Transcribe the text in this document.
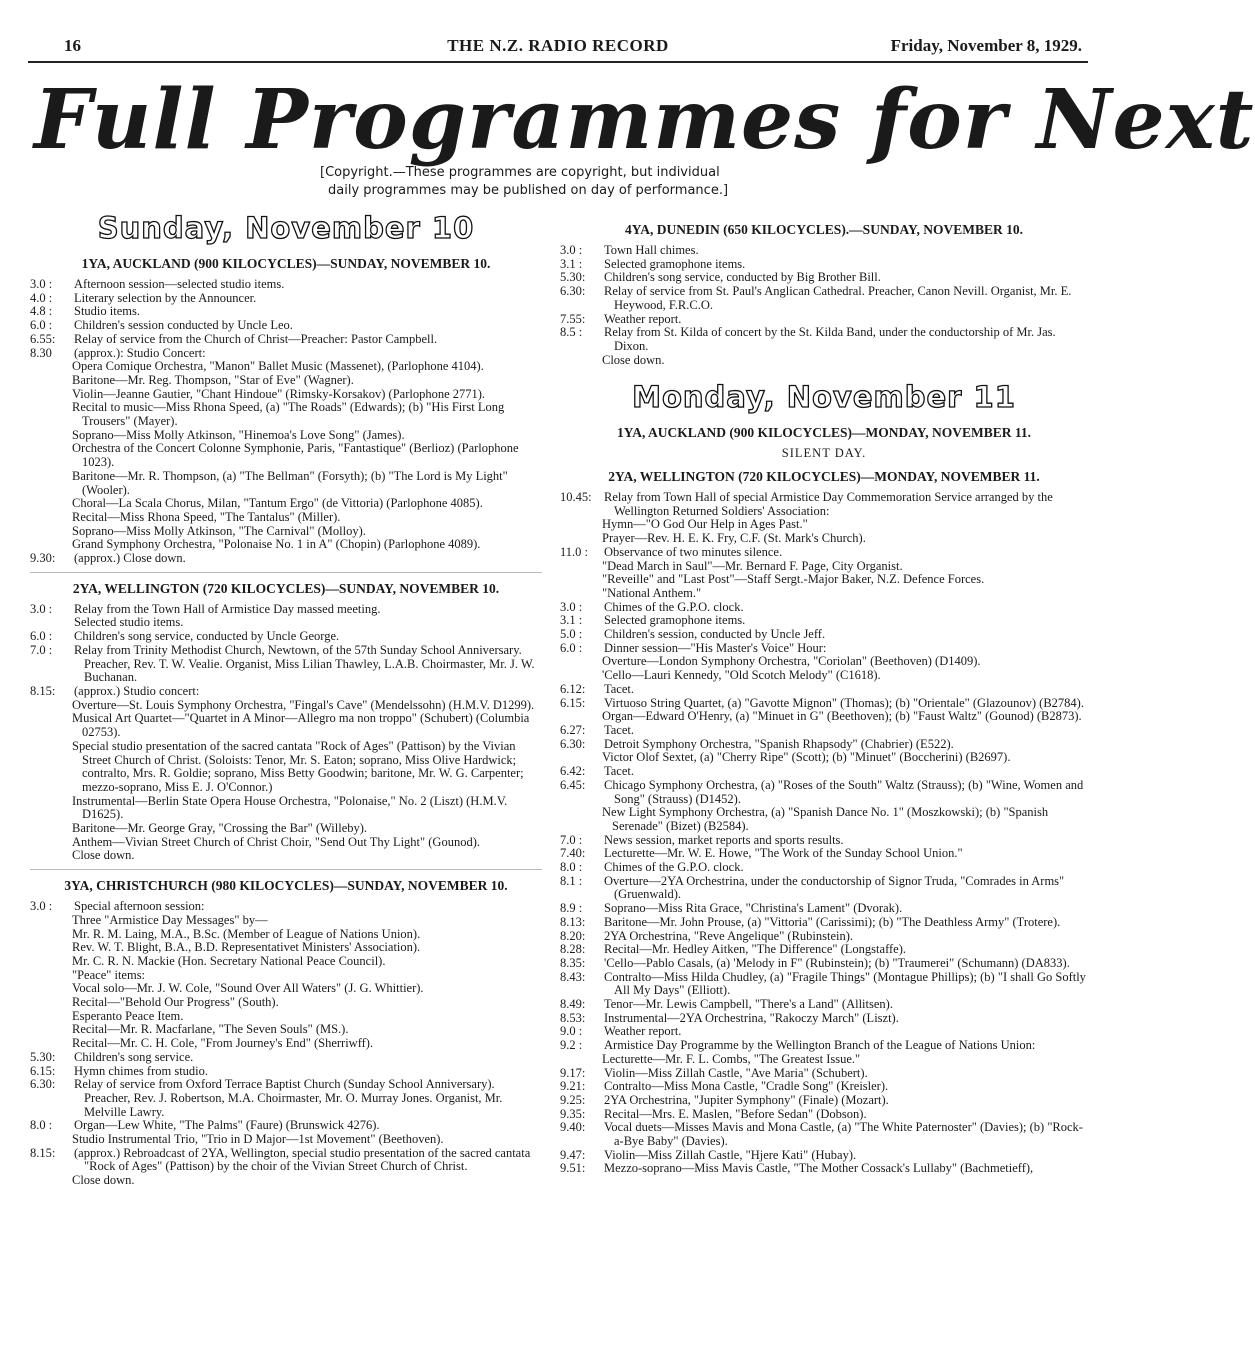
16	THE N.Z. RADIO RECORD	Friday, November 8, 1929.
Full Programmes for Next
[Copyright.—These programmes are copyright, but individual
daily programmes may be published on day of performance.]
Sunday, November 10
1YA, AUCKLAND (900 KILOCYCLES)—SUNDAY, NOVEMBER 10.
3.0 :	Afternoon session—selected studio items.
4.0 :	Literary selection by the Announcer.
4.8 :	Studio items.
6.0 :	Children's session conducted by Uncle Leo.
6.55:	Relay of service from the Church of Christ—Preacher: Pastor Campbell.
8.30	(approx.): Studio Concert:
Opera Comique Orchestra, "Manon" Ballet Music (Massenet), (Parlophone 4104).
Baritone—Mr. Reg. Thompson, "Star of Eve" (Wagner).
Violin—Jeanne Gautier, "Chant Hindoue" (Rimsky-Korsakov) (Parlophone 2771).
Recital to music—Miss Rhona Speed, (a) "The Roads" (Edwards); (b) "His First Long Trousers" (Mayer).
Soprano—Miss Molly Atkinson, "Hinemoa's Love Song" (James).
Orchestra of the Concert Colonne Symphonie, Paris, "Fantastique" (Berlioz) (Parlophone 1023).
Baritone—Mr. R. Thompson, (a) "The Bellman" (Forsyth); (b) "The Lord is My Light" (Wooler).
Choral—La Scala Chorus, Milan, "Tantum Ergo" (de Vittoria) (Parlophone 4085).
Recital—Miss Rhona Speed, "The Tantalus" (Miller).
Soprano—Miss Molly Atkinson, "The Carnival" (Molloy).
Grand Symphony Orchestra, "Polonaise No. 1 in A" (Chopin) (Parlophone 4089).
9.30:	(approx.) Close down.
2YA, WELLINGTON (720 KILOCYCLES)—SUNDAY, NOVEMBER 10.
3.0 :	Relay from the Town Hall of Armistice Day massed meeting.
Selected studio items.
6.0 :	Children's song service, conducted by Uncle George.
7.0 :	Relay from Trinity Methodist Church, Newtown, of the 57th Sunday School Anniversary. Preacher, Rev. T. W. Vealie. Organist, Miss Lilian Thawley, L.A.B. Choirmaster, Mr. J. W. Buchanan.
8.15:	(approx.) Studio concert:
Overture—St. Louis Symphony Orchestra, "Fingal's Cave" (Mendelssohn) (H.M.V. D1299).
Musical Art Quartet—"Quartet in A Minor—Allegro ma non troppo" (Schubert) (Columbia 02753).
Special studio presentation of the sacred cantata "Rock of Ages" (Pattison) by the Vivian Street Church of Christ. (Soloists: Tenor, Mr. S. Eaton; soprano, Miss Olive Hardwick; contralto, Mrs. R. Goldie; soprano, Miss Betty Goodwin; baritone, Mr. W. G. Carpenter; mezzo-soprano, Miss E. J. O'Connor.)
Instrumental—Berlin State Opera House Orchestra, "Polonaise," No. 2 (Liszt) (H.M.V. D1625).
Baritone—Mr. George Gray, "Crossing the Bar" (Willeby).
Anthem—Vivian Street Church of Christ Choir, "Send Out Thy Light" (Gounod).
Close down.
3YA, CHRISTCHURCH (980 KILOCYCLES)—SUNDAY, NOVEMBER 10.
3.0 :	Special afternoon session:
Three "Armistice Day Messages" by—
Mr. R. M. Laing, M.A., B.Sc. (Member of League of Nations Union).
Rev. W. T. Blight, B.A., B.D. Representativet Ministers' Association).
Mr. C. R. N. Mackie (Hon. Secretary National Peace Council).
"Peace" items:
Vocal solo—Mr. J. W. Cole, "Sound Over All Waters" (J. G. Whittier).
Recital—"Behold Our Progress" (South).
Esperanto Peace Item.
Recital—Mr. R. Macfarlane, "The Seven Souls" (MS.).
Recital—Mr. C. H. Cole, "From Journey's End" (Sherriwff).
5.30:	Children's song service.
6.15:	Hymn chimes from studio.
6.30:	Relay of service from Oxford Terrace Baptist Church (Sunday School Anniversary). Preacher, Rev. J. Robertson, M.A. Choirmaster, Mr. O. Murray Jones. Organist, Mr. Melville Lawry.
8.0 :	Organ—Lew White, "The Palms" (Faure) (Brunswick 4276).
Studio Instrumental Trio, "Trio in D Major—1st Movement" (Beethoven).
8.15:	(approx.) Rebroadcast of 2YA, Wellington, special studio presentation of the sacred cantata "Rock of Ages" (Pattison) by the choir of the Vivian Street Church of Christ.
Close down.
4YA, DUNEDIN (650 KILOCYCLES).—SUNDAY, NOVEMBER 10.
3.0 :	Town Hall chimes.
3.1 :	Selected gramophone items.
5.30:	Children's song service, conducted by Big Brother Bill.
6.30:	Relay of service from St. Paul's Anglican Cathedral. Preacher, Canon Nevill. Organist, Mr. E. Heywood, F.R.C.O.
7.55:	Weather report.
8.5 :	Relay from St. Kilda of concert by the St. Kilda Band, under the conductorship of Mr. Jas. Dixon.
Close down.
Monday, November 11
1YA, AUCKLAND (900 KILOCYCLES)—MONDAY, NOVEMBER 11.
SILENT DAY.
2YA, WELLINGTON (720 KILOCYCLES)—MONDAY, NOVEMBER 11.
10.45: Relay from Town Hall of special Armistice Day Commemoration Service arranged by the Wellington Returned Soldiers' Association:
Hymn—"O God Our Help in Ages Past."
Prayer—Rev. H. E. K. Fry, C.F. (St. Mark's Church).
11.0 :	Observance of two minutes silence.
"Dead March in Saul"—Mr. Bernard F. Page, City Organist.
"Reveille" and "Last Post"—Staff Sergt.-Major Baker, N.Z. Defence Forces.
"National Anthem."
3.0 :	Chimes of the G.P.O. clock.
3.1 :	Selected gramophone items.
5.0 :	Children's session, conducted by Uncle Jeff.
6.0 :	Dinner session—"His Master's Voice" Hour:
Overture—London Symphony Orchestra, "Coriolan" (Beethoven) (D1409).
'Cello—Lauri Kennedy, "Old Scotch Melody" (C1618).
6.12:	Tacet.
6.15:	Virtuoso String Quartet, (a) "Gavotte Mignon" (Thomas); (b) "Orientale" (Glazounov) (B2784).
Organ—Edward O'Henry, (a) "Minuet in G" (Beethoven); (b) "Faust Waltz" (Gounod) (B2873).
6.27:	Tacet.
6.30:	Detroit Symphony Orchestra, "Spanish Rhapsody" (Chabrier) (E522).
Victor Olof Sextet, (a) "Cherry Ripe" (Scott); (b) "Minuet" (Boccherini) (B2697).
6.42:	Tacet.
6.45:	Chicago Symphony Orchestra, (a) "Roses of the South" Waltz (Strauss); (b) "Wine, Women and Song" (Strauss) (D1452).
New Light Symphony Orchestra, (a) "Spanish Dance No. 1" (Moszkowski); (b) "Spanish Serenade" (Bizet) (B2584).
7.0 :	News session, market reports and sports results.
7.40:	Lecturette—Mr. W. E. Howe, "The Work of the Sunday School Union."
8.0 :	Chimes of the G.P.O. clock.
8.1 :	Overture—2YA Orchestrina, under the conductorship of Signor Truda, "Comrades in Arms" (Gruenwald).
8.9 :	Soprano—Miss Rita Grace, "Christina's Lament" (Dvorak).
8.13:	Baritone—Mr. John Prouse, (a) "Vittoria" (Carissimi); (b) "The Deathless Army" (Trotere).
8.20:	2YA Orchestrina, "Reve Angelique" (Rubinstein).
8.28:	Recital—Mr. Hedley Aitken, "The Difference" (Longstaffe).
8.35:	'Cello—Pablo Casals, (a) 'Melody in F" (Rubinstein); (b) "Traumerei" (Schumann) (DA833).
8.43:	Contralto—Miss Hilda Chudley, (a) "Fragile Things" (Montague Phillips); (b) "I shall Go Softly All My Days" (Elliott).
8.49:	Tenor—Mr. Lewis Campbell, "There's a Land" (Allitsen).
8.53:	Instrumental—2YA Orchestrina, "Rakoczy March" (Liszt).
9.0 :	Weather report.
9.2 :	Armistice Day Programme by the Wellington Branch of the League of Nations Union:
Lecturette—Mr. F. L. Combs, "The Greatest Issue."
9.17:	Violin—Miss Zillah Castle, "Ave Maria" (Schubert).
9.21:	Contralto—Miss Mona Castle, "Cradle Song" (Kreisler).
9.25:	2YA Orchestrina, "Jupiter Symphony" (Finale) (Mozart).
9.35:	Recital—Mrs. E. Maslen, "Before Sedan" (Dobson).
9.40:	Vocal duets—Misses Mavis and Mona Castle, (a) "The White Paternoster" (Davies); (b) "Rock-a-Bye Baby" (Davies).
9.47:	Violin—Miss Zillah Castle, "Hjere Kati" (Hubay).
9.51:	Mezzo-soprano—Miss Mavis Castle, "The Mother Cossack's Lullaby" (Bachmetieff),
